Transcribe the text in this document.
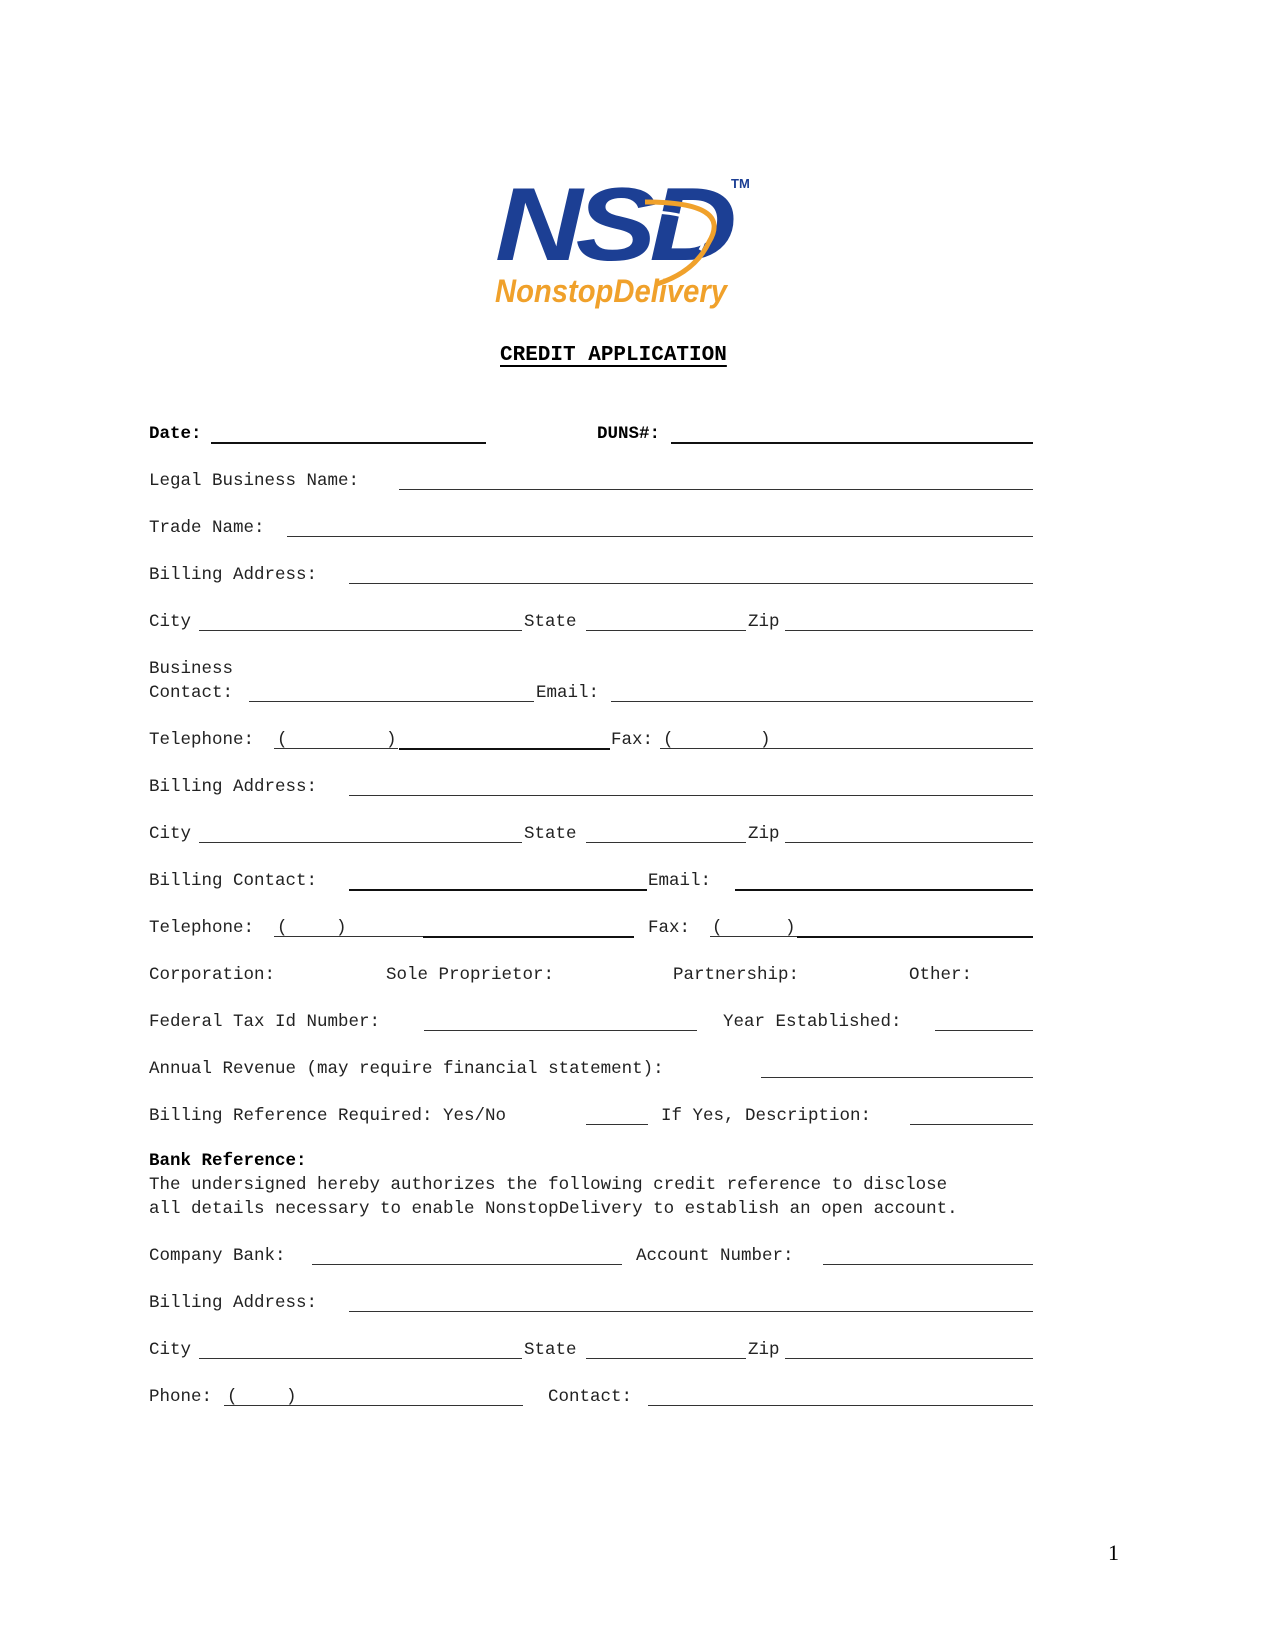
NSD
TM
NonstopDelivery
CREDIT APPLICATION
Date:	DUNS#:
Legal Business Name:
Trade Name:
Billing Address:
City	State	Zip
Business
Contact:	Email:
Telephone: (	)	Fax: (	)
Billing Address:
City	State	Zip
Billing Contact:	Email:
Telephone: (	)	Fax: (	)
Corporation:	Sole Proprietor:	Partnership:	Other:
Federal Tax Id Number:	Year Established:
Annual Revenue (may require financial statement):
Billing Reference Required: Yes/No	If Yes, Description:
Bank Reference:
The undersigned hereby authorizes the following credit reference to disclose
all details necessary to enable NonstopDelivery to establish an open account.
Company Bank:	Account Number:
Billing Address:
City	State	Zip
Phone: (	)	Contact:
1
